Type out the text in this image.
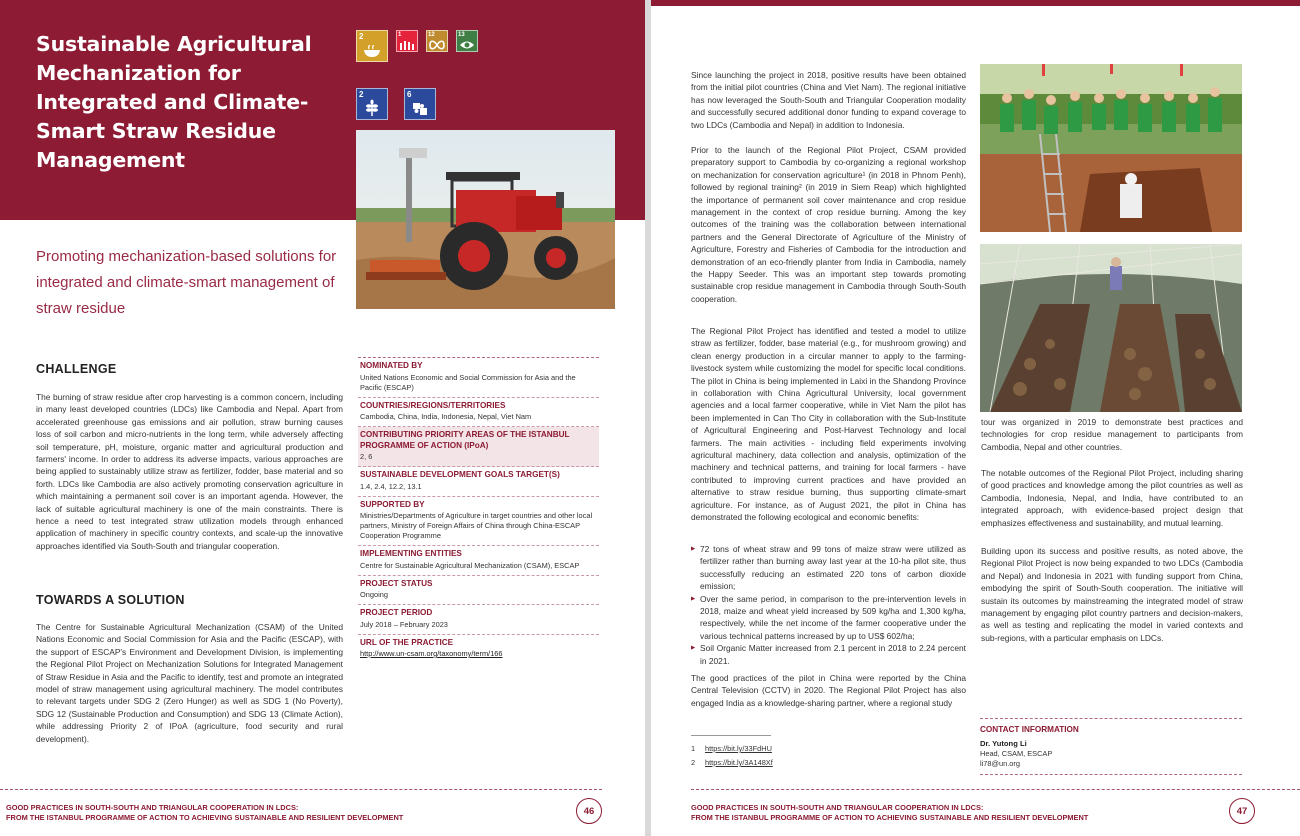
Sustainable Agricultural Mechanization for Integrated and Climate-Smart Straw Residue Management
2	1	12	13
2	6

Promoting mechanization-based solutions for integrated and climate-smart management of straw residue

CHALLENGE

The burning of straw residue after crop harvesting is a common concern, including in many least developed countries (LDCs) like Cambodia and Nepal. Apart from accelerated greenhouse gas emissions and air pollution, straw burning causes loss of soil carbon and micro-nutrients in the long term, while adversely affecting soil temperature, pH, moisture, organic matter and agricultural production and farmers' income. In order to address its adverse impacts, various approaches are being applied to sustainably utilize straw as fertilizer, fodder, base material and so forth. LDCs like Cambodia are also actively promoting conservation agriculture in which maintaining a permanent soil cover is an important agenda. However, the lack of suitable agricultural machinery is one of the main constraints. There is hence a need to test integrated straw utilization models through enhanced application of machinery in specific country contexts, and scale-up the innovative approaches identified via South-South and triangular cooperation.

TOWARDS A SOLUTION

The Centre for Sustainable Agricultural Mechanization (CSAM) of the United Nations Economic and Social Commission for Asia and the Pacific (ESCAP), with the support of ESCAP's Environment and Development Division, is implementing the Regional Pilot Project on Mechanization Solutions for Integrated Management of Straw Residue in Asia and the Pacific to identify, test and promote an integrated model of straw management using agricultural machinery. The model contributes to relevant targets under SDG 2 (Zero Hunger) as well as SDG 1 (No Poverty), SDG 12 (Sustainable Production and Consumption) and SDG 13 (Climate Action), while addressing Priority 2 of IPoA (agriculture, food security and rural development).

NOMINATED BY
United Nations Economic and Social Commission for Asia and the Pacific (ESCAP)
COUNTRIES/REGIONS/TERRITORIES
Cambodia, China, India, Indonesia, Nepal, Viet Nam
CONTRIBUTING PRIORITY AREAS OF THE ISTANBUL PROGRAMME OF ACTION (IPoA)
2, 6
SUSTAINABLE DEVELOPMENT GOALS TARGET(S)
1.4, 2.4, 12.2, 13.1
SUPPORTED BY
Ministries/Departments of Agriculture in target countries and other local partners, Ministry of Foreign Affairs of China through China-ESCAP Cooperation Programme
IMPLEMENTING ENTITIES
Centre for Sustainable Agricultural Mechanization (CSAM), ESCAP
PROJECT STATUS
Ongoing
PROJECT PERIOD
July 2018 – February 2023
URL OF THE PRACTICE
http://www.un-csam.org/taxonomy/term/166
GOOD PRACTICES IN SOUTH-SOUTH AND TRIANGULAR COOPERATION IN LDCS:
FROM THE ISTANBUL PROGRAMME OF ACTION TO ACHIEVING SUSTAINABLE AND RESILIENT DEVELOPMENT
46

Since launching the project in 2018, positive results have been obtained from the initial pilot countries (China and Viet Nam). The regional initiative has now leveraged the South-South and Triangular Cooperation modality and successfully secured additional donor funding to expand coverage to two LDCs (Cambodia and Nepal) in addition to Indonesia.

Prior to the launch of the Regional Pilot Project, CSAM provided preparatory support to Cambodia by co-organizing a regional workshop on mechanization for conservation agriculture¹ (in 2018 in Phnom Penh), followed by regional training² (in 2019 in Siem Reap) which highlighted the importance of permanent soil cover maintenance and crop residue management in the context of crop residue burning. Among the key outcomes of the training was the collaboration between international partners and the General Directorate of Agriculture of the Ministry of Agriculture, Forestry and Fisheries of Cambodia for the introduction and demonstration of an eco-friendly planter from India in Cambodia, namely the Happy Seeder. This was an important step towards promoting sustainable crop residue management in Cambodia through South-South cooperation.

The Regional Pilot Project has identified and tested a model to utilize straw as fertilizer, fodder, base material (e.g., for mushroom growing) and clean energy production in a circular manner to apply to the farming-livestock system while customizing the model for specific local conditions. The pilot in China is being implemented in Laixi in the Shandong Province in collaboration with China Agricultural University, local government agencies and a local farmer cooperative, while in Viet Nam the pilot has been implemented in Can Tho City in collaboration with the Sub-Institute of Agricultural Engineering and Post-Harvest Technology and local farmers. The main activities - including field experiments involving agricultural machinery, data collection and analysis, optimization of the machinery and technical patterns, and training for local farmers - have contributed to improving current practices and have provided an alternative to straw residue burning, thus supporting climate-smart agriculture. For instance, as of August 2021, the pilot in China has demonstrated the following ecological and economic benefits:

▶ 72 tons of wheat straw and 99 tons of maize straw were utilized as fertilizer rather than burning away last year at the 10-ha pilot site, thus successfully reducing an estimated 220 tons of carbon dioxide emission;
▶ Over the same period, in comparison to the pre-intervention levels in 2018, maize and wheat yield increased by 509 kg/ha and 1,300 kg/ha, respectively, while the net income of the farmer cooperative under the various technical patterns increased by up to US$ 602/ha;
▶ Soil Organic Matter increased from 2.1 percent in 2018 to 2.24 percent in 2021.

The good practices of the pilot in China were reported by the China Central Television (CCTV) in 2020. The Regional Pilot Project has also engaged India as a knowledge-sharing partner, where a regional study

1 https://bit.ly/33FdHU
2 https://bit.ly/3A148Xf

tour was organized in 2019 to demonstrate best practices and technologies for crop residue management to participants from Cambodia, Nepal and other countries.

The notable outcomes of the Regional Pilot Project, including sharing of good practices and knowledge among the pilot countries as well as Cambodia, Indonesia, Nepal, and India, have contributed to an integrated approach, with evidence-based project design that emphasizes effectiveness and sustainability, and mutual learning.

Building upon its success and positive results, as noted above, the Regional Pilot Project is now being expanded to two LDCs (Cambodia and Nepal) and Indonesia in 2021 with funding support from China, embodying the spirit of South-South cooperation. The initiative will sustain its outcomes by mainstreaming the integrated model of straw management by engaging pilot country partners and decision-makers, as well as testing and replicating the model in varied contexts and sub-regions, with a particular emphasis on LDCs.

CONTACT INFORMATION
Dr. Yutong Li
Head, CSAM, ESCAP
li78@un.org
GOOD PRACTICES IN SOUTH-SOUTH AND TRIANGULAR COOPERATION IN LDCS:
FROM THE ISTANBUL PROGRAMME OF ACTION TO ACHIEVING SUSTAINABLE AND RESILIENT DEVELOPMENT
47
